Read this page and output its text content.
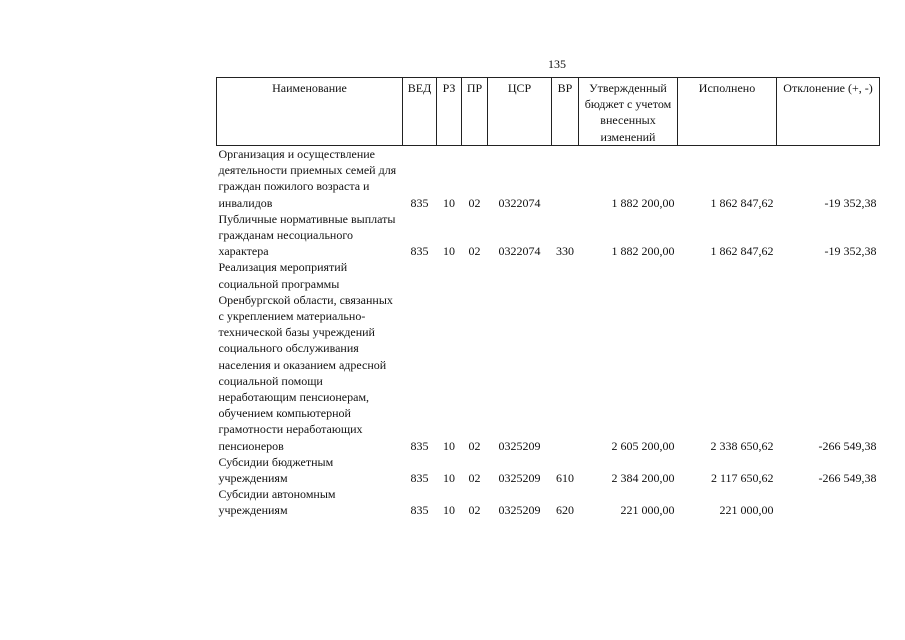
135
Наименование	ВЕД	РЗ	ПР	ЦСР	ВР	Утвержденный бюджет с учетом внесенных изменений	Исполнено	Отклонение (+, -)
Организация и осуществление деятельности приемных семей для граждан пожилого возраста и инвалидов	835	10	02	0322074		1 882 200,00	1 862 847,62	-19 352,38
Публичные нормативные выплаты гражданам несоциального характера	835	10	02	0322074	330	1 882 200,00	1 862 847,62	-19 352,38
Реализация мероприятий социальной программы Оренбургской области, связанных с укреплением материально-технической базы учреждений социального обслуживания населения и оказанием адресной социальной помощи неработающим пенсионерам, обучением компьютерной грамотности неработающих пенсионеров	835	10	02	0325209		2 605 200,00	2 338 650,62	-266 549,38
Субсидии бюджетным учреждениям	835	10	02	0325209	610	2 384 200,00	2 117 650,62	-266 549,38
Субсидии автономным учреждениям	835	10	02	0325209	620	221 000,00	221 000,00	
